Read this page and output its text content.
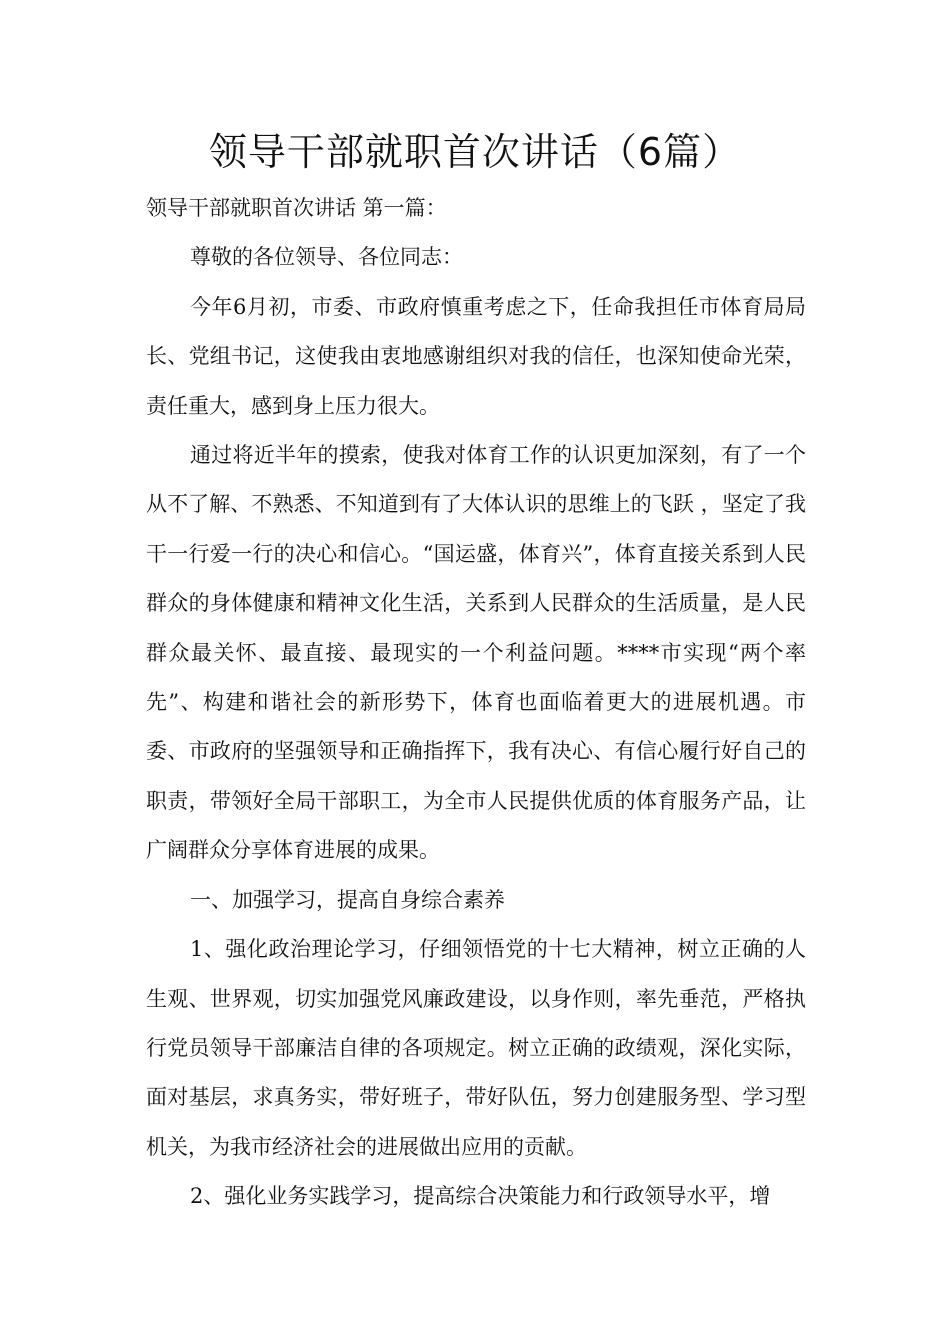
领导干部就职首次讲话（6篇）

领导干部就职首次讲话 第一篇：

尊敬的各位领导、各位同志：

今年6月初，市委、市政府慎重考虑之下，任命我担任市体育局局长、党组书记，这使我由衷地感谢组织对我的信任，也深知使命光荣，责任重大，感到身上压力很大。

通过将近半年的摸索，使我对体育工作的认识更加深刻，有了一个从不了解、不熟悉、不知道到有了大体认识的思维上的飞跃 ，坚定了我干一行爱一行的决心和信心。“国运盛，体育兴”，体育直接关系到人民群众的身体健康和精神文化生活，关系到人民群众的生活质量，是人民群众最关怀、最直接、最现实的一个利益问题。****市实现“两个率先”、构建和谐社会的新形势下，体育也面临着更大的进展机遇。市委、市政府的坚强领导和正确指挥下，我有决心、有信心履行好自己的职责，带领好全局干部职工，为全市人民提供优质的体育服务产品，让广阔群众分享体育进展的成果。

一、加强学习，提高自身综合素养

1、强化政治理论学习，仔细领悟党的十七大精神，树立正确的人生观、世界观，切实加强党风廉政建设，以身作则，率先垂范，严格执行党员领导干部廉洁自律的各项规定。树立正确的政绩观，深化实际，面对基层，求真务实，带好班子，带好队伍，努力创建服务型、学习型机关，为我市经济社会的进展做出应用的贡献。

2、强化业务实践学习，提高综合决策能力和行政领导水平，增
